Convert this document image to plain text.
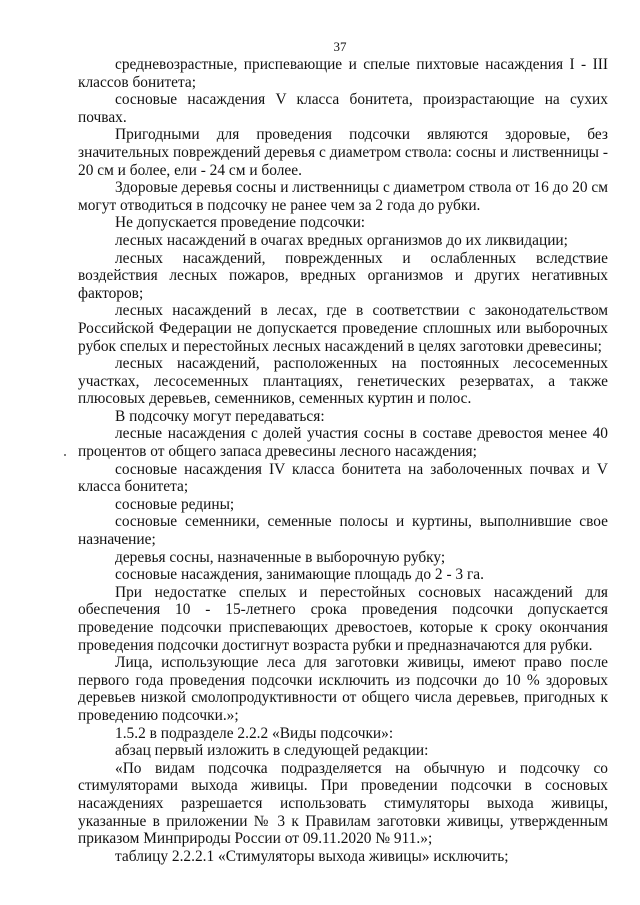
37

средневозрастные, приспевающие и спелые пихтовые насаждения I - III классов бонитета;

сосновые насаждения V класса бонитета, произрастающие на сухих почвах.

Пригодными для проведения подсочки являются здоровые, без значительных повреждений деревья с диаметром ствола: сосны и лиственницы - 20 см и более, ели - 24 см и более.

Здоровые деревья сосны и лиственницы с диаметром ствола от 16 до 20 см могут отводиться в подсочку не ранее чем за 2 года до рубки.

Не допускается проведение подсочки:

лесных насаждений в очагах вредных организмов до их ликвидации;

лесных насаждений, поврежденных и ослабленных вследствие воздействия лесных пожаров, вредных организмов и других негативных факторов;

лесных насаждений в лесах, где в соответствии с законодательством Российской Федерации не допускается проведение сплошных или выборочных рубок спелых и перестойных лесных насаждений в целях заготовки древесины;

лесных насаждений, расположенных на постоянных лесосеменных участках, лесосеменных плантациях, генетических резерватах, а также плюсовых деревьев, семенников, семенных куртин и полос.

В подсочку могут передаваться:

лесные насаждения с долей участия сосны в составе древостоя менее 40 процентов от общего запаса древесины лесного насаждения;

сосновые насаждения IV класса бонитета на заболоченных почвах и V класса бонитета;

сосновые редины;

сосновые семенники, семенные полосы и куртины, выполнившие свое назначение;

деревья сосны, назначенные в выборочную рубку;

сосновые насаждения, занимающие площадь до 2 - 3 га.

При недостатке спелых и перестойных сосновых насаждений для обеспечения 10 - 15-летнего срока проведения подсочки допускается проведение подсочки приспевающих древостоев, которые к сроку окончания проведения подсочки достигнут возраста рубки и предназначаются для рубки.

Лица, использующие леса для заготовки живицы, имеют право после первого года проведения подсочки исключить из подсочки до 10 % здоровых деревьев низкой смолопродуктивности от общего числа деревьев, пригодных к проведению подсочки.»;

1.5.2 в подразделе 2.2.2 «Виды подсочки»:

абзац первый изложить в следующей редакции:

«По видам подсочка подразделяется на обычную и подсочку со стимуляторами выхода живицы. При проведении подсочки в сосновых насаждениях разрешается использовать стимуляторы выхода живицы, указанные в приложении № 3 к Правилам заготовки живицы, утвержденным приказом Минприроды России от 09.11.2020 № 911.»;

таблицу 2.2.2.1 «Стимуляторы выхода живицы» исключить;
